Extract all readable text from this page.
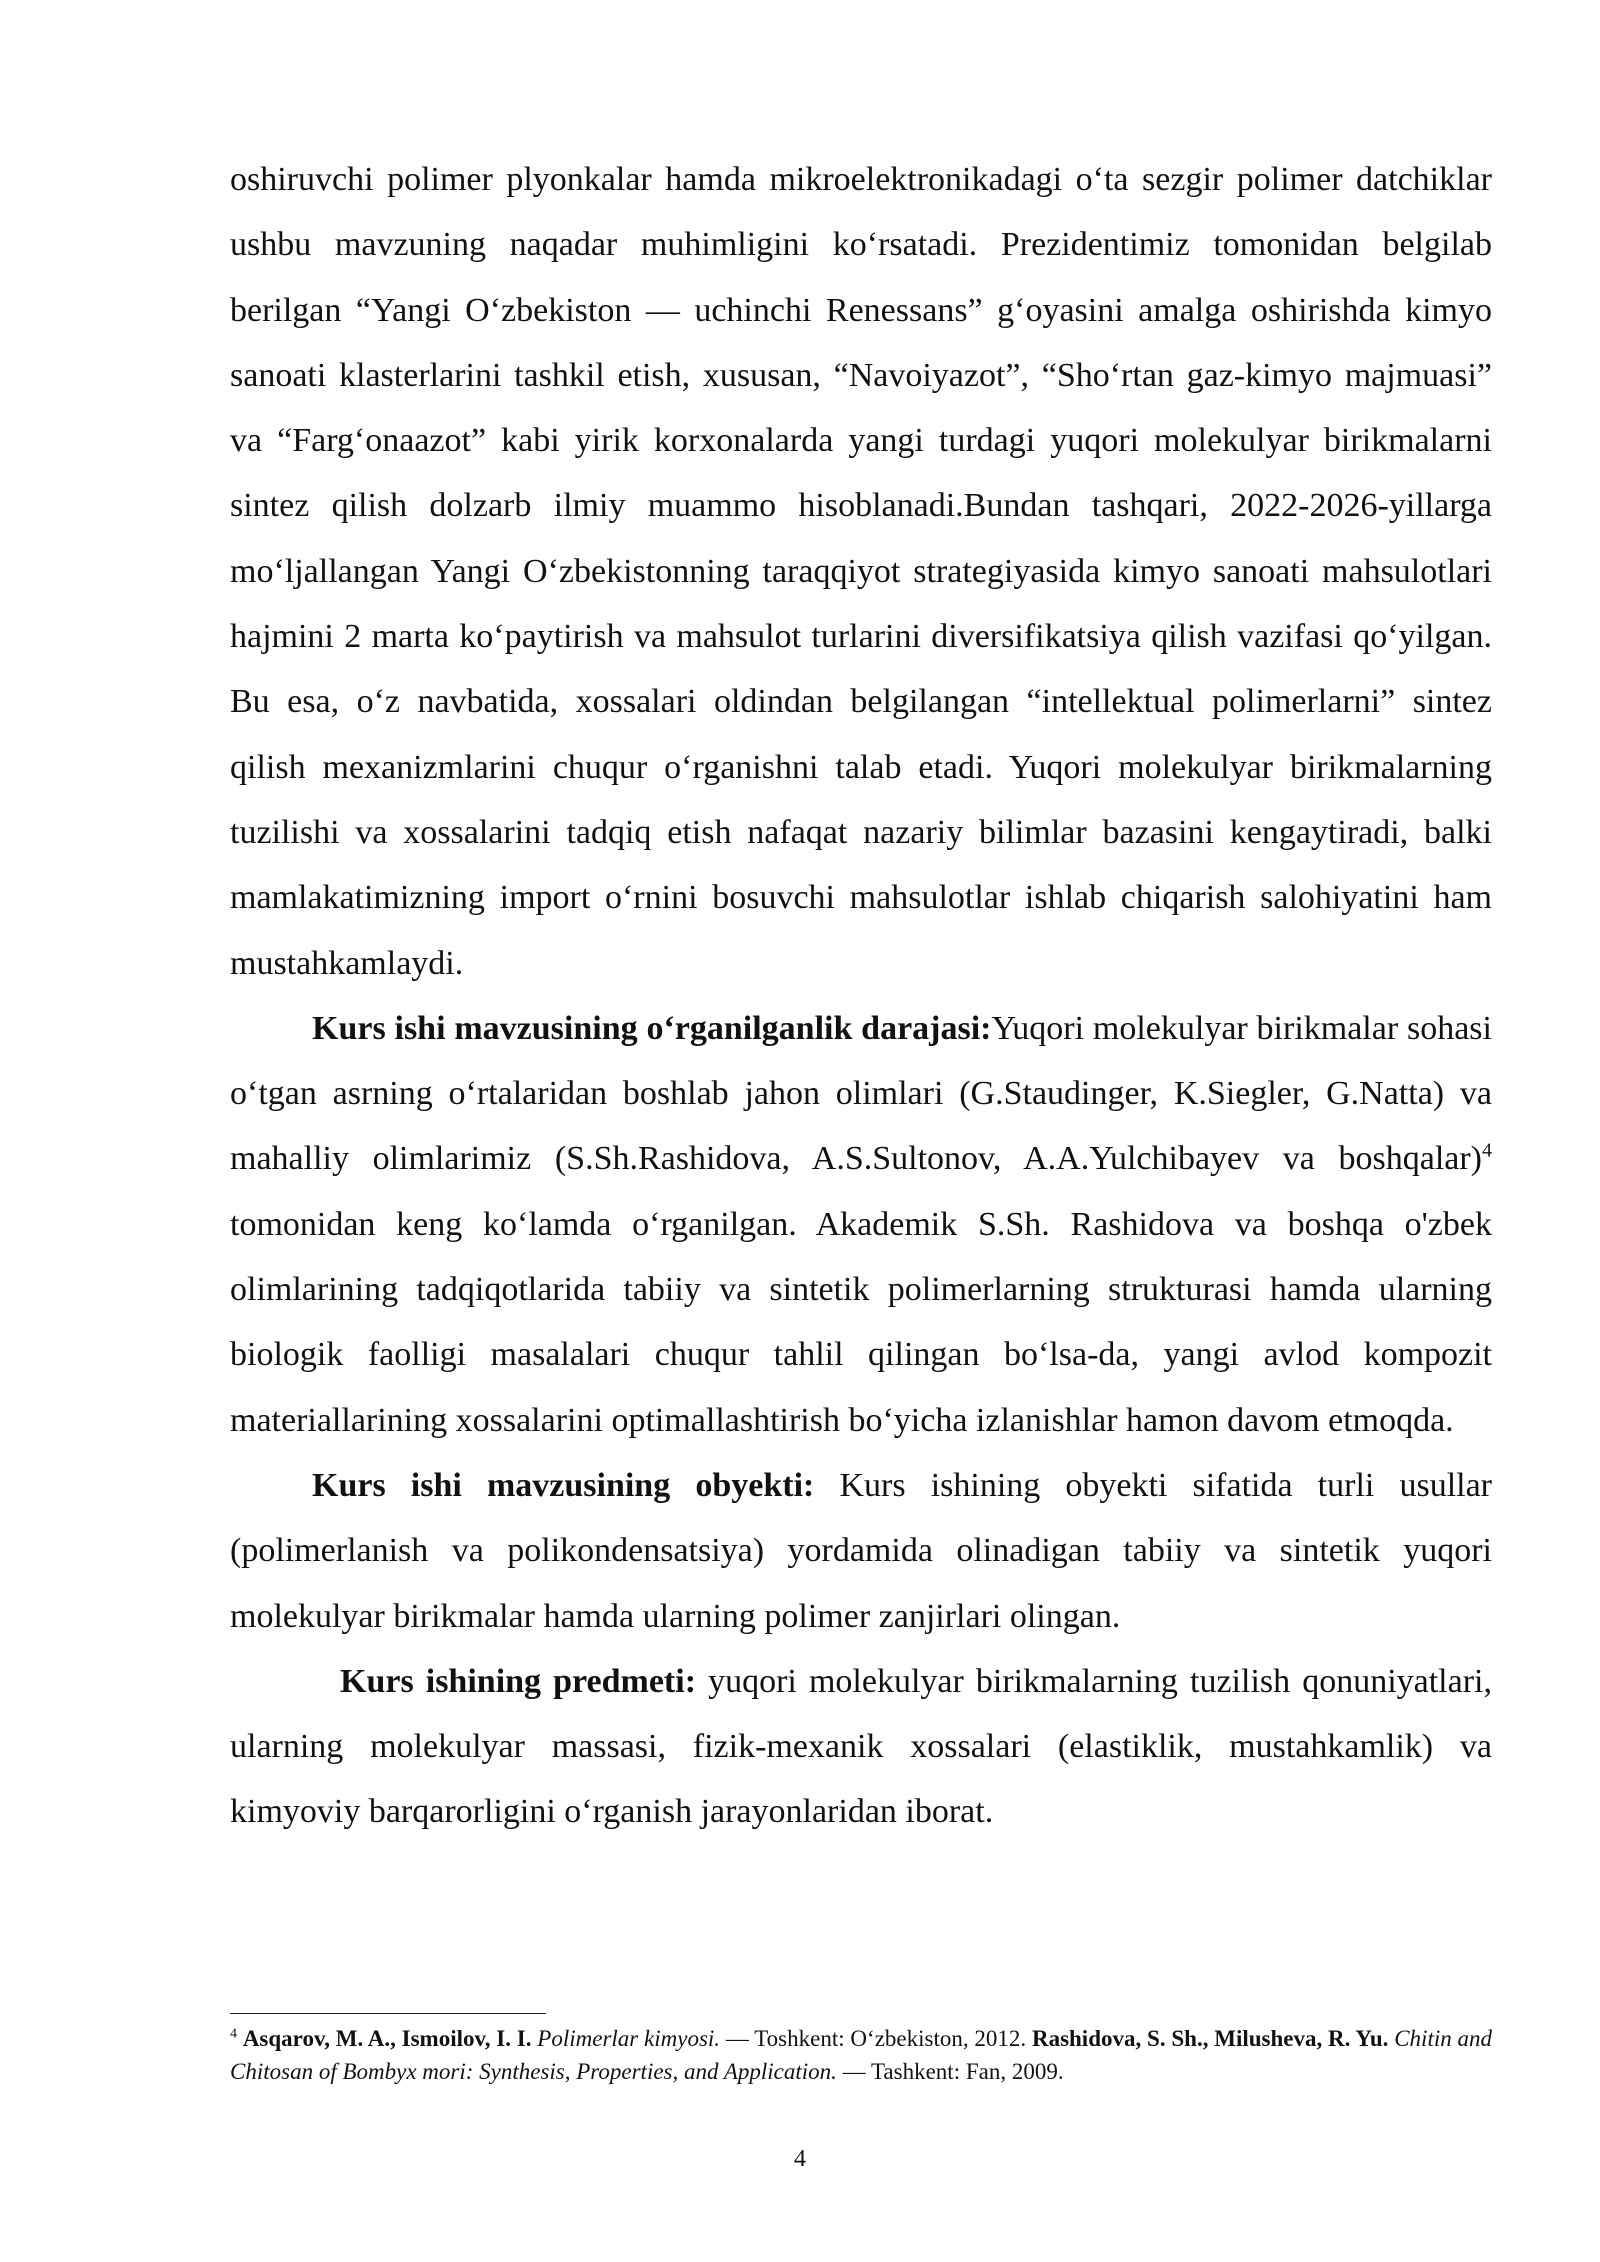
oshiruvchi polimer plyonkalar hamda mikroelektronikadagi o‘ta sezgir polimer datchiklar ushbu mavzuning naqadar muhimligini ko‘rsatadi. Prezidentimiz tomonidan belgilab berilgan “Yangi O‘zbekiston — uchinchi Renessans” g‘oyasini amalga oshirishda kimyo sanoati klasterlarini tashkil etish, xususan, “Navoiyazot”, “Sho‘rtan gaz-kimyo majmuasi” va “Farg‘onaazot” kabi yirik korxonalarda yangi turdagi yuqori molekulyar birikmalarni sintez qilish dolzarb ilmiy muammo hisoblanadi.Bundan tashqari, 2022-2026-yillarga mo‘ljallangan Yangi O‘zbekistonning taraqqiyot strategiyasida kimyo sanoati mahsulotlari hajmini 2 marta ko‘paytirish va mahsulot turlarini diversifikatsiya qilish vazifasi qo‘yilgan. Bu esa, o‘z navbatida, xossalari oldindan belgilangan “intellektual polimerlarni” sintez qilish mexanizmlarini chuqur o‘rganishni talab etadi. Yuqori molekulyar birikmalarning tuzilishi va xossalarini tadqiq etish nafaqat nazariy bilimlar bazasini kengaytiradi, balki mamlakatimizning import o‘rnini bosuvchi mahsulotlar ishlab chiqarish salohiyatini ham mustahkamlaydi.

Kurs ishi mavzusining o‘rganilganlik darajasi:Yuqori molekulyar birikmalar sohasi o‘tgan asrning o‘rtalaridan boshlab jahon olimlari (G.Staudinger, K.Siegler, G.Natta) va mahalliy olimlarimiz (S.Sh.Rashidova, A.S.Sultonov, A.A.Yulchibayev va boshqalar)$^4$ tomonidan keng ko‘lamda o‘rganilgan. Akademik S.Sh. Rashidova va boshqa o'zbek olimlarining tadqiqotlarida tabiiy va sintetik polimerlarning strukturasi hamda ularning biologik faolligi masalalari chuqur tahlil qilingan bo‘lsa-da, yangi avlod kompozit materiallarining xossalarini optimallashtirish bo‘yicha izlanishlar hamon davom etmoqda.

Kurs ishi mavzusining obyekti: Kurs ishining obyekti sifatida turli usullar (polimerlanish va polikondensatsiya) yordamida olinadigan tabiiy va sintetik yuqori molekulyar birikmalar hamda ularning polimer zanjirlari olingan.

Kurs ishining predmeti: yuqori molekulyar birikmalarning tuzilish qonuniyatlari, ularning molekulyar massasi, fizik-mexanik xossalari (elastiklik, mustahkamlik) va kimyoviy barqarorligini o‘rganish jarayonlaridan iborat.

$^4$ Asqarov, M. A., Ismoilov, I. I. Polimerlar kimyosi. — Toshkent: O‘zbekiston, 2012. Rashidova, S. Sh., Milusheva, R. Yu. Chitin and Chitosan of Bombyx mori: Synthesis, Properties, and Application. — Tashkent: Fan, 2009.
4
